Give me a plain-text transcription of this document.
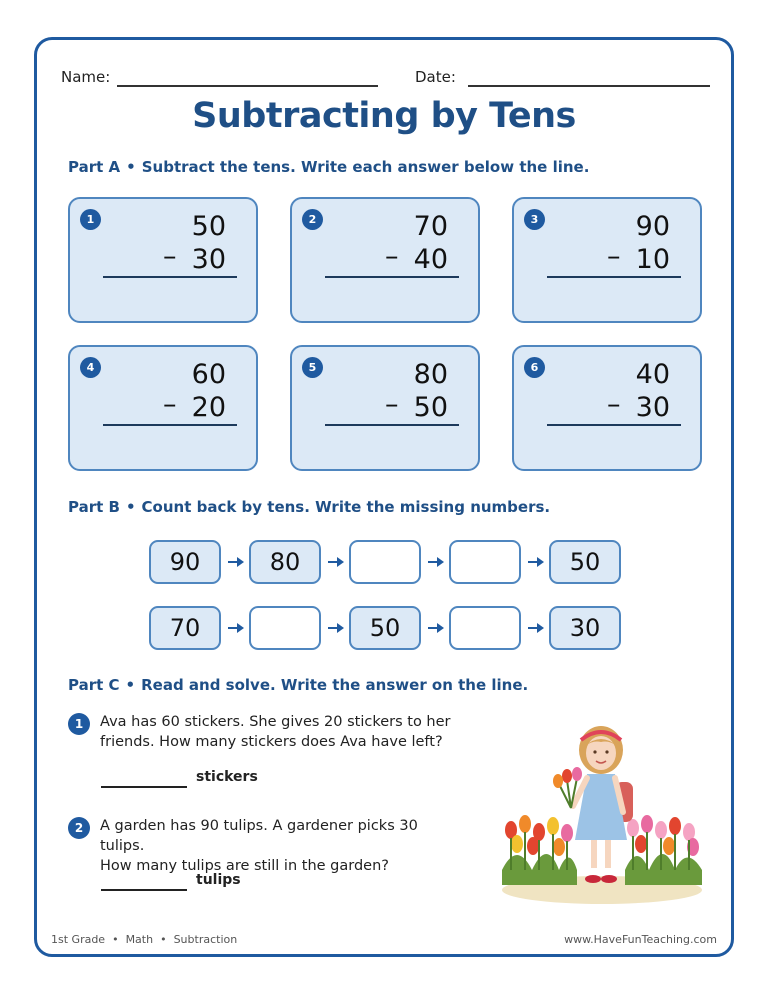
Name:	Date:
Subtracting by Tens
Part A • Subtract the tens. Write each answer below the line.
1	50
– 30
2	70
– 40
3	90
– 10
4	60
– 20
5	80
– 50
6	40
– 30
Part B • Count back by tens. Write the missing numbers.
90	80	50
70	50	30
Part C • Read and solve. Write the answer on the line.
1	Ava has 60 stickers. She gives 20 stickers to her
friends. How many stickers does Ava have left?
stickers
2	A garden has 90 tulips. A gardener picks 30 tulips.
How many tulips are still in the garden?
tulips
1st Grade  •  Math  •  Subtraction	www.HaveFunTeaching.com
